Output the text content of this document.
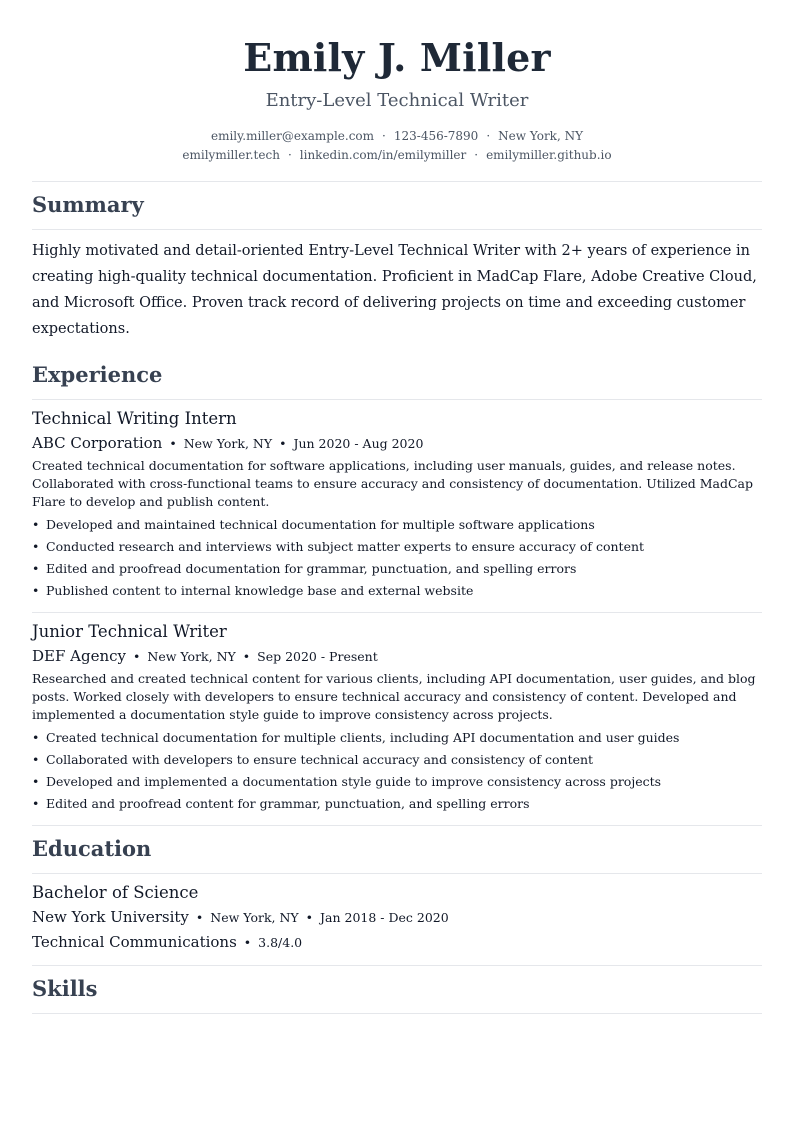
Emily J. Miller
Entry-Level Technical Writer
emily.miller@example.com · 123-456-7890 · New York, NY
emilymiller.tech · linkedin.com/in/emilymiller · emilymiller.github.io
Summary
Highly motivated and detail-oriented Entry-Level Technical Writer with 2+ years of experience in creating high-quality technical documentation. Proficient in MadCap Flare, Adobe Creative Cloud, and Microsoft Office. Proven track record of delivering projects on time and exceeding customer expectations.
Experience
Technical Writing Intern
ABC Corporation • New York, NY • Jun 2020 - Aug 2020
Created technical documentation for software applications, including user manuals, guides, and release notes. Collaborated with cross-functional teams to ensure accuracy and consistency of documentation. Utilized MadCap Flare to develop and publish content.
• Developed and maintained technical documentation for multiple software applications
• Conducted research and interviews with subject matter experts to ensure accuracy of content
• Edited and proofread documentation for grammar, punctuation, and spelling errors
• Published content to internal knowledge base and external website
Junior Technical Writer
DEF Agency • New York, NY • Sep 2020 - Present
Researched and created technical content for various clients, including API documentation, user guides, and blog posts. Worked closely with developers to ensure technical accuracy and consistency of content. Developed and implemented a documentation style guide to improve consistency across projects.
• Created technical documentation for multiple clients, including API documentation and user guides
• Collaborated with developers to ensure technical accuracy and consistency of content
• Developed and implemented a documentation style guide to improve consistency across projects
• Edited and proofread content for grammar, punctuation, and spelling errors
Education
Bachelor of Science
New York University • New York, NY • Jan 2018 - Dec 2020
Technical Communications • 3.8/4.0
Skills
